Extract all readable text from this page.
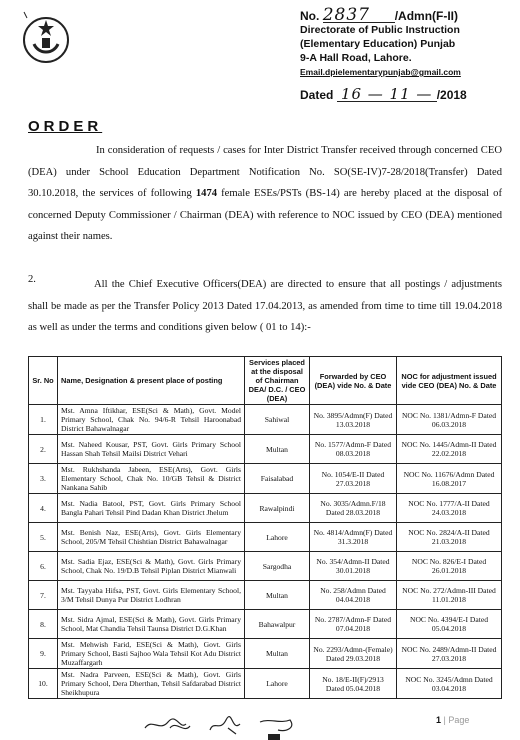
No. 2837 /Admn(F-II)
Directorate of Public Instruction
(Elementary Education) Punjab
9-A Hall Road, Lahore.
Email.dpielementarypunjab@gmail.com
Dated 16 — 11 — /2018
ORDER
In consideration of requests / cases for Inter District Transfer received through concerned CEO (DEA) under School Education Department Notification No. SO(SE-IV)7-28/2018(Transfer) Dated 30.10.2018, the services of following 1474 female ESEs/PSTs (BS-14) are hereby placed at the disposal of concerned Deputy Commissioner / Chairman (DEA) with reference to NOC issued by CEO (DEA) mentioned against their names.
2.	All the Chief Executive Officers(DEA) are directed to ensure that all postings / adjustments shall be made as per the Transfer Policy 2013 Dated 17.04.2013, as amended from time to time till 19.04.2018 as well as under the terms and conditions given below ( 01 to 14):-
Sr. No	Name, Designation & present place of posting	Services placed at the disposal of Chairman DEA/ D.C. / CEO (DEA)	Forwarded by CEO (DEA) vide No. & Date	NOC for adjustment issued vide CEO (DEA) No. & Date
1.	Mst. Amna Iftikhar, ESE(Sci & Math), Govt. Model Primary School, Chak No. 94/6-R Tehsil Haroonabad District Bahawalnagar	Sahiwal	No. 3895/Admn(F) Dated 13.03.2018	NOC No. 1381/Admn-F Dated 06.03.2018
2.	Mst. Naheed Kousar, PST, Govt. Girls Primary School Hassan Shah Tehsil Mailsi District Vehari	Multan	No. 1577/Admn-F Dated 08.03.2018	NOC No. 1445/Admn-II Dated 22.02.2018
3.	Mst. Rukhshanda Jabeen, ESE(Arts), Govt. Girls Elementary School, Chak No. 10/GB Tehsil & District Nankana Sahib	Faisalabad	No. 1054/E-II Dated 27.03.2018	NOC No. 11676/Admn Dated 16.08.2017
4.	Mst. Nadia Batool, PST, Govt. Girls Primary School Bangla Pahari Tehsil Pind Dadan Khan District Jhelum	Rawalpindi	No. 3035/Admn.F/18 Dated 28.03.2018	NOC No. 1777/A-II Dated 24.03.2018
5.	Mst. Benish Naz, ESE(Arts), Govt. Girls Elementary School, 205/M Tehsil Chishtian District Bahawalnagar	Lahore	No. 4814/Admn(F) Dated 31.3.2018	NOC No. 2824/A-II Dated 21.03.2018
6.	Mst. Sadia Ejaz, ESE(Sci & Math), Govt. Girls Primary School, Chak No. 19/D.B Tehsil Piplan District Mianwali	Sargodha	No. 354/Admn-II Dated 30.01.2018	NOC No. 826/E-I Dated 26.01.2018
7.	Mst. Tayyaba Hifsa, PST, Govt. Girls Elementary School, 3/M Tehsil Dunya Pur District Lodhran	Multan	No. 258/Admn Dated 04.04.2018	NOC No. 272/Admn-III Dated 11.01.2018
8.	Mst. Sidra Ajmal, ESE(Sci & Math), Govt. Girls Primary School, Mat Chandia Tehsil Taunsa District D.G.Khan	Bahawalpur	No. 2787/Admn-F Dated 07.04.2018	NOC No. 4394/E-I Dated 05.04.2018
9.	Mst. Mehwish Farid, ESE(Sci & Math), Govt. Girls Primary School, Basti Sajhoo Wala Tehsil Kot Adu District Muzaffargarh	Multan	No. 2293/Admn-(Female) Dated 29.03.2018	NOC No. 2489/Admn-II Dated 27.03.2018
10.	Mst. Nadra Parveen, ESE(Sci & Math), Govt. Girls Primary School, Dera Dherthan, Tehsil Safdarabad District Sheikhupura	Lahore	No. 18/E-II(F)/2913 Dated 05.04.2018	NOC No. 3245/Admn Dated 03.04.2018
1 | Page
